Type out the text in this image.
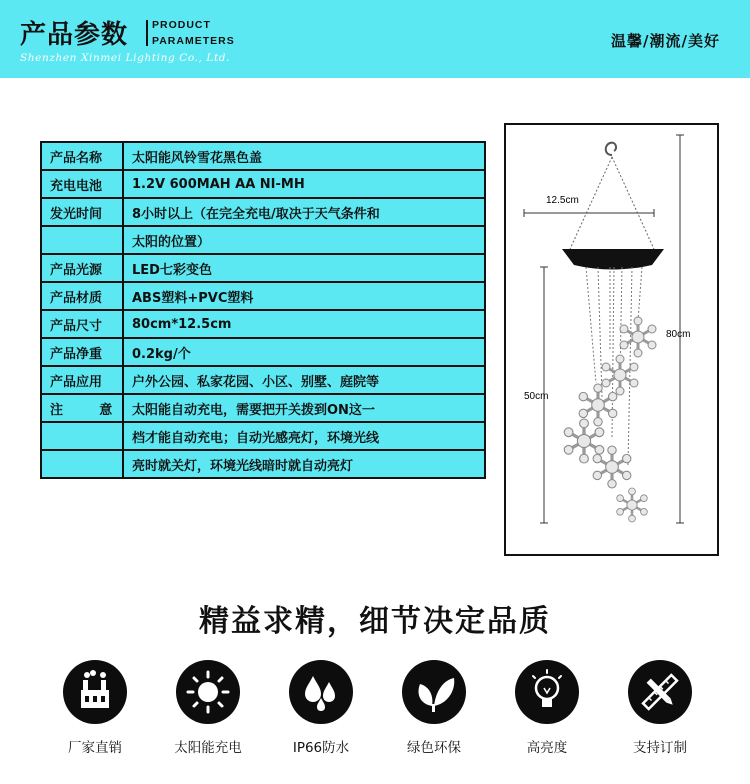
产品参数 PRODUCT
PARAMETERS
Shenzhen Xinmei Lighting Co., Ltd.
温馨/潮流/美好
产品名称	太阳能风铃雪花黑色盖
充电电池	1.2V 600MAH AA NI-MH
发光时间	8小时以上（在完全充电/取决于天气条件和
	太阳的位置）
产品光源	LED七彩变色
产品材质	ABS塑料+PVC塑料
产品尺寸	80cm*12.5cm
产品净重	0.2kg/个
产品应用	户外公园、私家花园、小区、别墅、庭院等
注        意	太阳能自动充电，需要把开关拨到ON这一
	档才能自动充电；自动光感亮灯，环境光线
	亮时就关灯，环境光线暗时就自动亮灯
12.5cm
80cm
50cm
精益求精，细节决定品质
厂家直销	太阳能充电	IP66防水	绿色环保	高亮度	支持订制
